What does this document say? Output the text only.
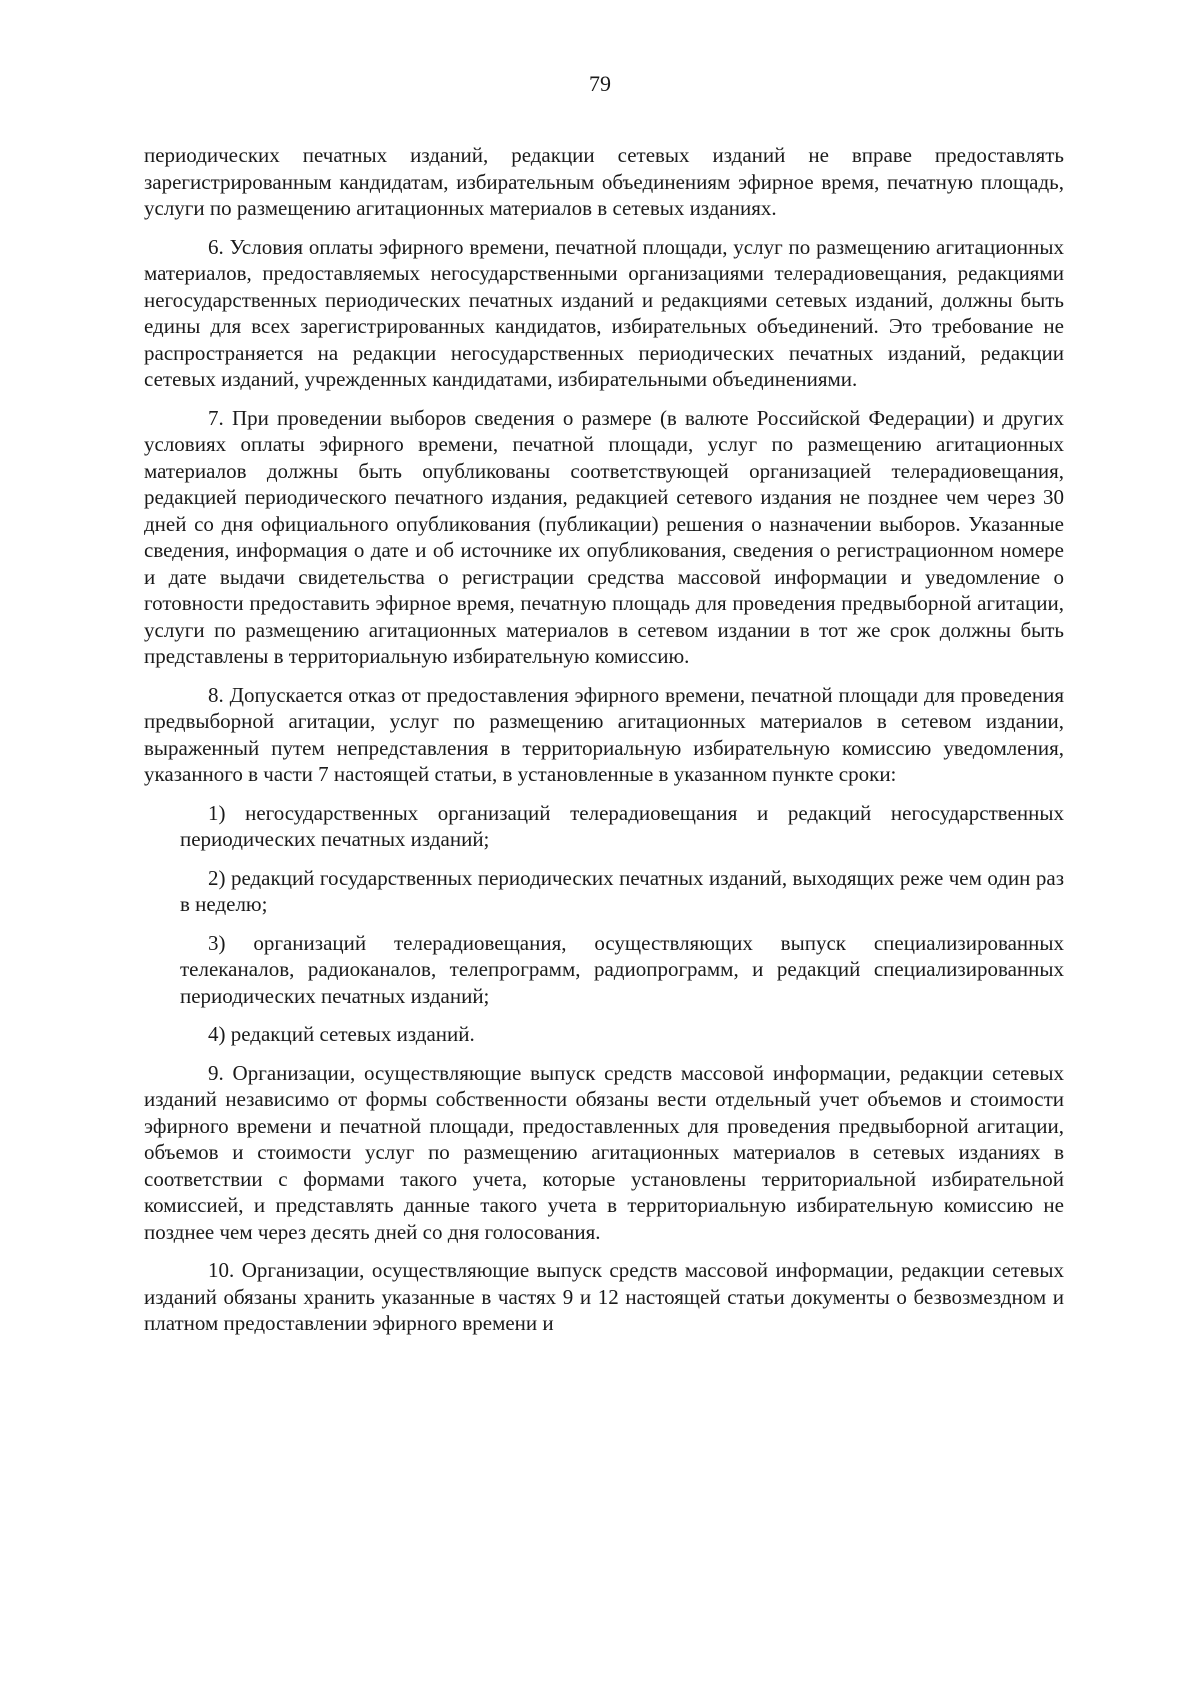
79

периодических печатных изданий, редакции сетевых изданий не вправе предоставлять зарегистрированным кандидатам, избирательным объединениям эфирное время, печатную площадь, услуги по размещению агитационных материалов в сетевых изданиях.

6. Условия оплаты эфирного времени, печатной площади, услуг по размещению агитационных материалов, предоставляемых негосударственными организациями телерадиовещания, редакциями негосударственных периодических печатных изданий и редакциями сетевых изданий, должны быть едины для всех зарегистрированных кандидатов, избирательных объединений. Это требование не распространяется на редакции негосударственных периодических печатных изданий, редакции сетевых изданий, учрежденных кандидатами, избирательными объединениями.

7. При проведении выборов сведения о размере (в валюте Российской Федерации) и других условиях оплаты эфирного времени, печатной площади, услуг по размещению агитационных материалов должны быть опубликованы соответствующей организацией телерадиовещания, редакцией периодического печатного издания, редакцией сетевого издания не позднее чем через 30 дней со дня официального опубликования (публикации) решения о назначении выборов. Указанные сведения, информация о дате и об источнике их опубликования, сведения о регистрационном номере и дате выдачи свидетельства о регистрации средства массовой информации и уведомление о готовности предоставить эфирное время, печатную площадь для проведения предвыборной агитации, услуги по размещению агитационных материалов в сетевом издании в тот же срок должны быть представлены в территориальную избирательную комиссию.

8. Допускается отказ от предоставления эфирного времени, печатной площади для проведения предвыборной агитации, услуг по размещению агитационных материалов в сетевом издании, выраженный путем непредставления в территориальную избирательную комиссию уведомления, указанного в части 7 настоящей статьи, в установленные в указанном пункте сроки:

1) негосударственных организаций телерадиовещания и редакций негосударственных периодических печатных изданий;

2) редакций государственных периодических печатных изданий, выходящих реже чем один раз в неделю;

3) организаций телерадиовещания, осуществляющих выпуск специализированных телеканалов, радиоканалов, телепрограмм, радиопрограмм, и редакций специализированных периодических печатных изданий;

4) редакций сетевых изданий.

9. Организации, осуществляющие выпуск средств массовой информации, редакции сетевых изданий независимо от формы собственности обязаны вести отдельный учет объемов и стоимости эфирного времени и печатной площади, предоставленных для проведения предвыборной агитации, объемов и стоимости услуг по размещению агитационных материалов в сетевых изданиях в соответствии с формами такого учета, которые установлены территориальной избирательной комиссией, и представлять данные такого учета в территориальную избирательную комиссию не позднее чем через десять дней со дня голосования.

10. Организации, осуществляющие выпуск средств массовой информации, редакции сетевых изданий обязаны хранить указанные в частях 9 и 12 настоящей статьи документы о безвозмездном и платном предоставлении эфирного времени и
